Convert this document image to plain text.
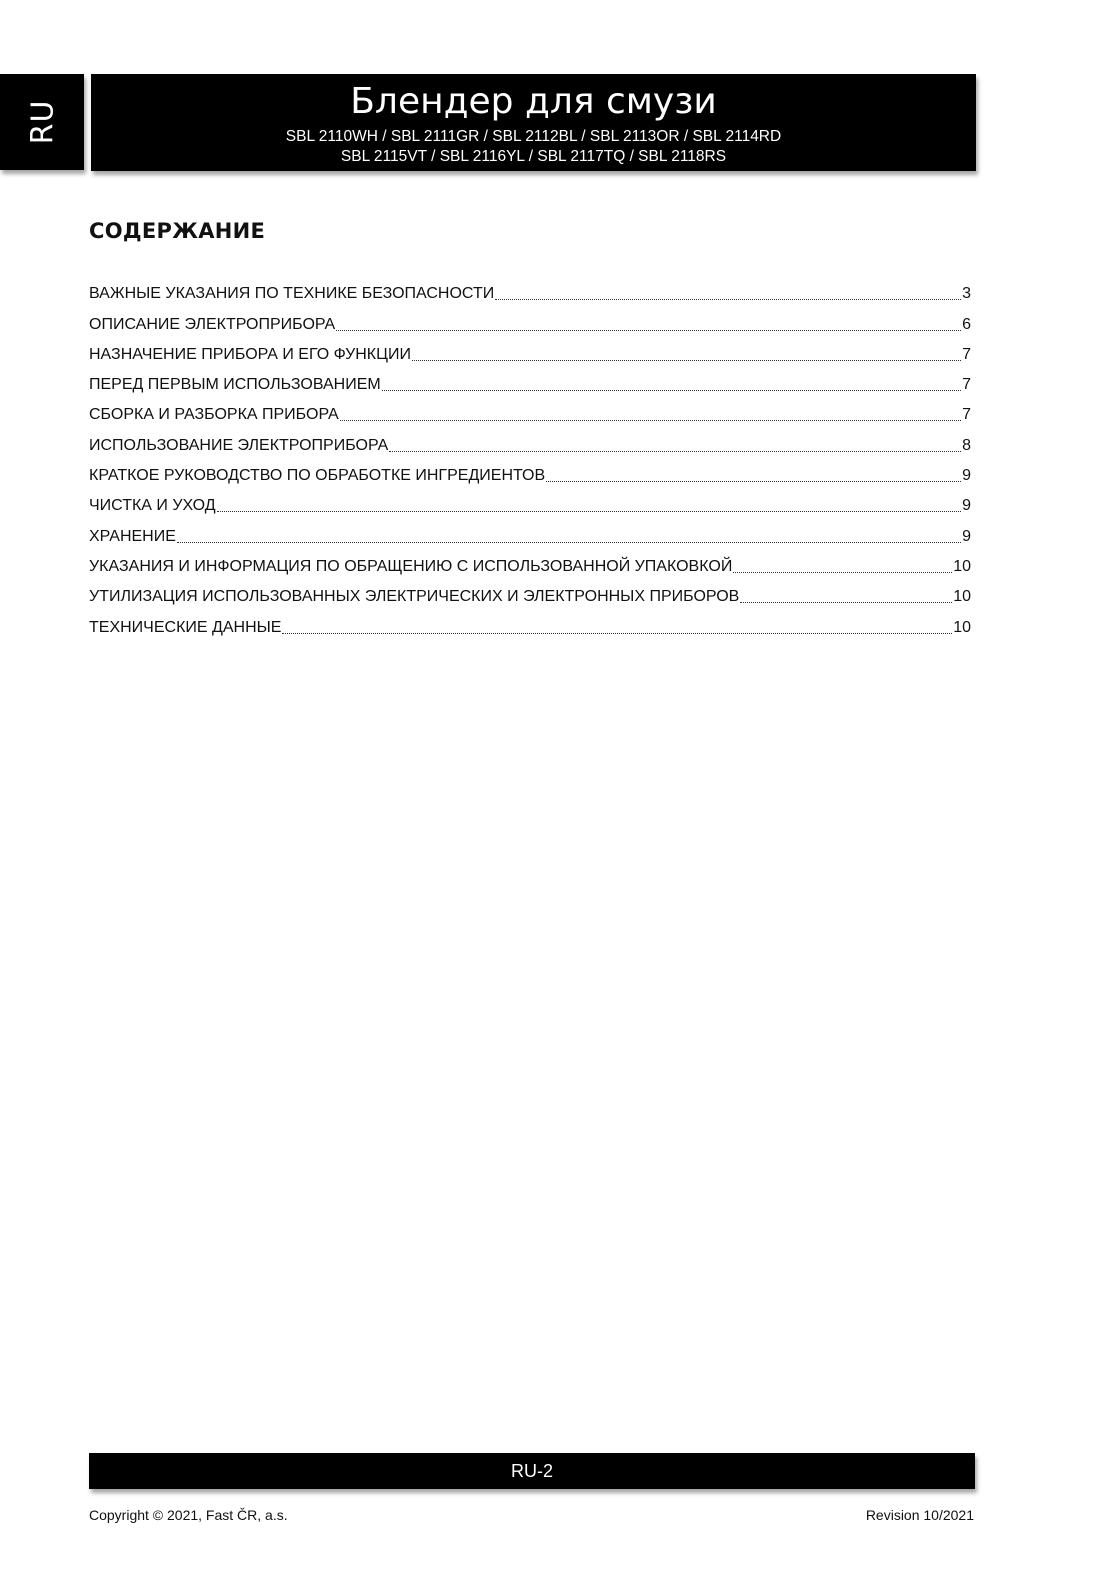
RU	Блендер для смузи
SBL 2110WH / SBL 2111GR / SBL 2112BL / SBL 2113OR / SBL 2114RD
SBL 2115VT / SBL 2116YL / SBL 2117TQ / SBL 2118RS
СОДЕРЖАНИЕ
ВАЖНЫЕ УКАЗАНИЯ ПО ТЕХНИКЕ БЕЗОПАСНОСТИ	3
ОПИСАНИЕ ЭЛЕКТРОПРИБОРА	6
НАЗНАЧЕНИЕ ПРИБОРА И ЕГО ФУНКЦИИ	7
ПЕРЕД ПЕРВЫМ ИСПОЛЬЗОВАНИЕМ	7
СБОРКА И РАЗБОРКА ПРИБОРА	7
ИСПОЛЬЗОВАНИЕ ЭЛЕКТРОПРИБОРА	8
КРАТКОЕ РУКОВОДСТВО ПО ОБРАБОТКЕ ИНГРЕДИЕНТОВ	9
ЧИСТКА И УХОД	9
ХРАНЕНИЕ	9
УКАЗАНИЯ И ИНФОРМАЦИЯ ПО ОБРАЩЕНИЮ С ИСПОЛЬЗОВАННОЙ УПАКОВКОЙ	10
УТИЛИЗАЦИЯ ИСПОЛЬЗОВАННЫХ ЭЛЕКТРИЧЕСКИХ И ЭЛЕКТРОННЫХ ПРИБОРОВ	10
ТЕХНИЧЕСКИЕ ДАННЫЕ	10
RU-2
Copyright © 2021, Fast ČR, a.s.	Revision 10/2021
